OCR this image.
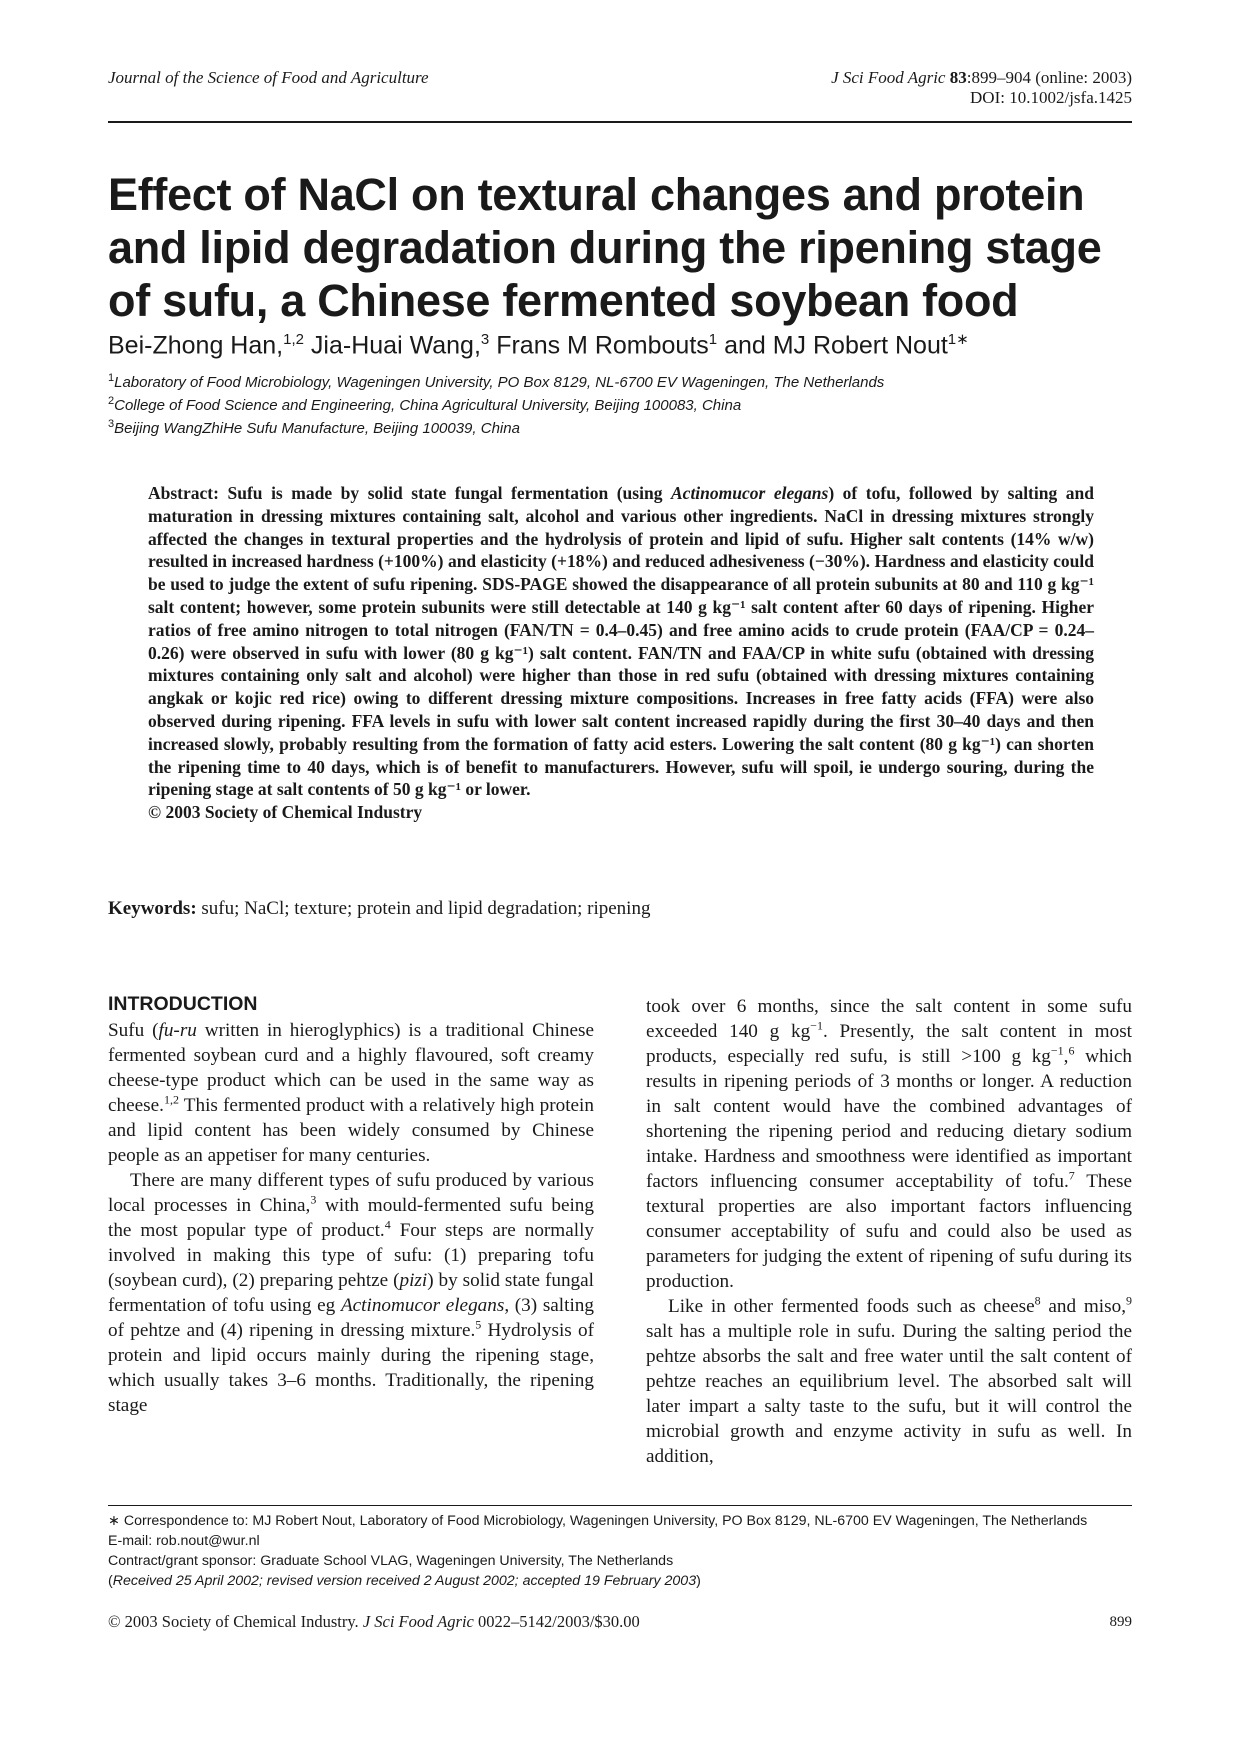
Journal of the Science of Food and Agriculture	J Sci Food Agric 83:899–904 (online: 2003)
DOI: 10.1002/jsfa.1425
Effect of NaCl on textural changes and protein and lipid degradation during the ripening stage of sufu, a Chinese fermented soybean food
Bei-Zhong Han,$^{1,2}$ Jia-Huai Wang,$^3$ Frans M Rombouts$^1$ and MJ Robert Nout$^{1∗}$
$^1$Laboratory of Food Microbiology, Wageningen University, PO Box 8129, NL-6700 EV Wageningen, The Netherlands
$^2$College of Food Science and Engineering, China Agricultural University, Beijing 100083, China
$^3$Beijing WangZhiHe Sufu Manufacture, Beijing 100039, China

Abstract: Sufu is made by solid state fungal fermentation (using Actinomucor elegans) of tofu, followed by salting and maturation in dressing mixtures containing salt, alcohol and various other ingredients. NaCl in dressing mixtures strongly affected the changes in textural properties and the hydrolysis of protein and lipid of sufu. Higher salt contents (14% w/w) resulted in increased hardness (+100%) and elasticity (+18%) and reduced adhesiveness (−30%). Hardness and elasticity could be used to judge the extent of sufu ripening. SDS-PAGE showed the disappearance of all protein subunits at 80 and 110 g kg⁻¹ salt content; however, some protein subunits were still detectable at 140 g kg⁻¹ salt content after 60 days of ripening. Higher ratios of free amino nitrogen to total nitrogen (FAN/TN = 0.4–0.45) and free amino acids to crude protein (FAA/CP = 0.24–0.26) were observed in sufu with lower (80 g kg⁻¹) salt content. FAN/TN and FAA/CP in white sufu (obtained with dressing mixtures containing only salt and alcohol) were higher than those in red sufu (obtained with dressing mixtures containing angkak or kojic red rice) owing to different dressing mixture compositions. Increases in free fatty acids (FFA) were also observed during ripening. FFA levels in sufu with lower salt content increased rapidly during the first 30–40 days and then increased slowly, probably resulting from the formation of fatty acid esters. Lowering the salt content (80 g kg⁻¹) can shorten the ripening time to 40 days, which is of benefit to manufacturers. However, sufu will spoil, ie undergo souring, during the ripening stage at salt contents of 50 g kg⁻¹ or lower.

© 2003 Society of Chemical Industry

Keywords: sufu; NaCl; texture; protein and lipid degradation; ripening
INTRODUCTION

Sufu (fu-ru written in hieroglyphics) is a traditional Chinese fermented soybean curd and a highly flavoured, soft creamy cheese-type product which can be used in the same way as cheese.$^{1,2}$ This fermented product with a relatively high protein and lipid content has been widely consumed by Chinese people as an appetiser for many centuries.

There are many different types of sufu produced by various local processes in China,$^3$ with mould-fermented sufu being the most popular type of product.$^4$ Four steps are normally involved in making this type of sufu: (1) preparing tofu (soybean curd), (2) preparing pehtze (pizi) by solid state fungal fermentation of tofu using eg Actinomucor elegans, (3) salting of pehtze and (4) ripening in dressing mixture.$^5$ Hydrolysis of protein and lipid occurs mainly during the ripening stage, which usually takes 3–6 months. Traditionally, the ripening stage

took over 6 months, since the salt content in some sufu exceeded 140 g $kg^{-1}$. Presently, the salt content in most products, especially red sufu, is still >100 g $kg^{-1},^6$ which results in ripening periods of 3 months or longer. A reduction in salt content would have the combined advantages of shortening the ripening period and reducing dietary sodium intake. Hardness and smoothness were identified as important factors influencing consumer acceptability of tofu.$^7$ These textural properties are also important factors influencing consumer acceptability of sufu and could also be used as parameters for judging the extent of ripening of sufu during its production.

Like in other fermented foods such as cheese$^8$ and miso,$^9$ salt has a multiple role in sufu. During the salting period the pehtze absorbs the salt and free water until the salt content of pehtze reaches an equilibrium level. The absorbed salt will later impart a salty taste to the sufu, but it will control the microbial growth and enzyme activity in sufu as well. In addition,

∗ Correspondence to: MJ Robert Nout, Laboratory of Food Microbiology, Wageningen University, PO Box 8129, NL-6700 EV Wageningen, The Netherlands
E-mail: rob.nout@wur.nl
Contract/grant sponsor: Graduate School VLAG, Wageningen University, The Netherlands
(Received 25 April 2002; revised version received 2 August 2002; accepted 19 February 2003)
© 2003 Society of Chemical Industry. J Sci Food Agric 0022–5142/2003/$30.00	899
